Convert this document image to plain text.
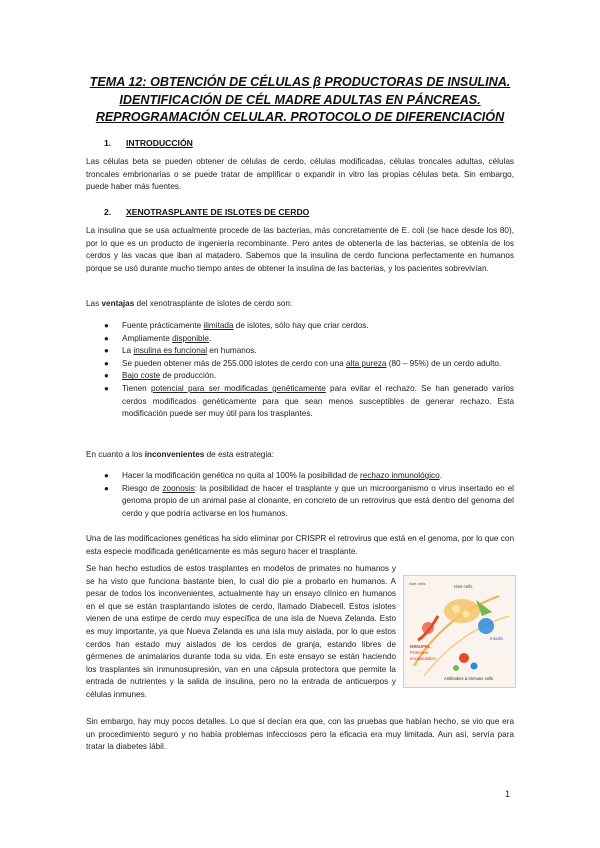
TEMA 12: OBTENCIÓN DE CÉLULAS β PRODUCTORAS DE INSULINA.
IDENTIFICACIÓN DE CÉL MADRE ADULTAS EN PÁNCREAS.
REPROGRAMACIÓN CELULAR. PROTOCOLO DE DIFERENCIACIÓN
1. INTRODUCCIÓN
Las células beta se pueden obtener de células de cerdo, células modificadas, células troncales adultas, células troncales embrionarias o se puede tratar de amplificar o expandir in vitro las propias células beta. Sin embargo, puede haber más fuentes.
2. XENOTRASPLANTE DE ISLOTES DE CERDO
La insulina que se usa actualmente procede de las bacterias, más concretamente de E. coli (se hace desde los 80), por lo que es un producto de ingeniería recombinante. Pero antes de obtenerla de las bacterias, se obtenía de los cerdos y las vacas que iban al matadero. Sabemos que la insulina de cerdo funciona perfectamente en humanos porque se usó durante mucho tiempo antes de obtener la insulina de las bacterias, y los pacientes sobrevivían.
Las ventajas del xenotrasplante de islotes de cerdo son:
● Fuente prácticamente ilimitada de islotes, sólo hay que criar cerdos.
● Ampliamente disponible.
● La insulina es funcional en humanos.
● Se pueden obtener más de 255.000 islotes de cerdo con una alta pureza (80 – 95%) de un cerdo adulto.
● Bajo coste de producción.
● Tienen potencial para ser modificadas genéticamente para evitar el rechazo. Se han generado varios cerdos modificados genéticamente para que sean menos susceptibles de generar rechazo. Esta modificación puede ser muy útil para los trasplantes.
En cuanto a los inconvenientes de esta estrategia:
● Hacer la modificación genética no quita al 100% la posibilidad de rechazo inmunológico.
● Riesgo de zoonosis: la posibilidad de hacer el trasplante y que un microorganismo o virus insertado en el genoma propio de un animal pase al clonante, en concreto de un retrovirus que está dentro del genoma del cerdo y que podría activarse en los humanos.
Una de las modificaciones genéticas ha sido eliminar por CRISPR el retrovirus que está en el genoma, por lo que con esta especie modificada genéticamente es más seguro hacer el trasplante.
Se han hecho estudios de estos trasplantes en modelos de primates no humanos y se ha visto que funciona bastante bien, lo cual dio pie a probarlo en humanos. A pesar de todos los inconvenientes, actualmente hay un ensayo clínico en humanos en el que se están trasplantando islotes de cerdo, llamado Diabecell. Estos islotes vienen de una estirpe de cerdo muy específica de una isla de Nueva Zelanda. Esto es muy importante, ya que Nueva Zelanda es una isla muy aislada, por lo que estos cerdos han estado muy aislados de los cerdos de granja, estando libres de gérmenes de animalarios durante toda su vida. En este ensayo se están haciendo los trasplantes sin inmunosupresión, van en una cápsula protectora que permite la entrada de nutrientes y la salida de insulina, pero no la entrada de anticuerpos y células inmunes.
Islet cells
Islet cells
Insulin
IMMUPEL
Protective
encapsulation
Antibodies & immune cells
Sin embargo, hay muy pocos detalles. Lo que sí decían era que, con las pruebas que habían hecho, se vio que era un procedimiento seguro y no había problemas infecciosos pero la eficacia era muy limitada. Aun así, servía para tratar la diabetes lábil.
1
